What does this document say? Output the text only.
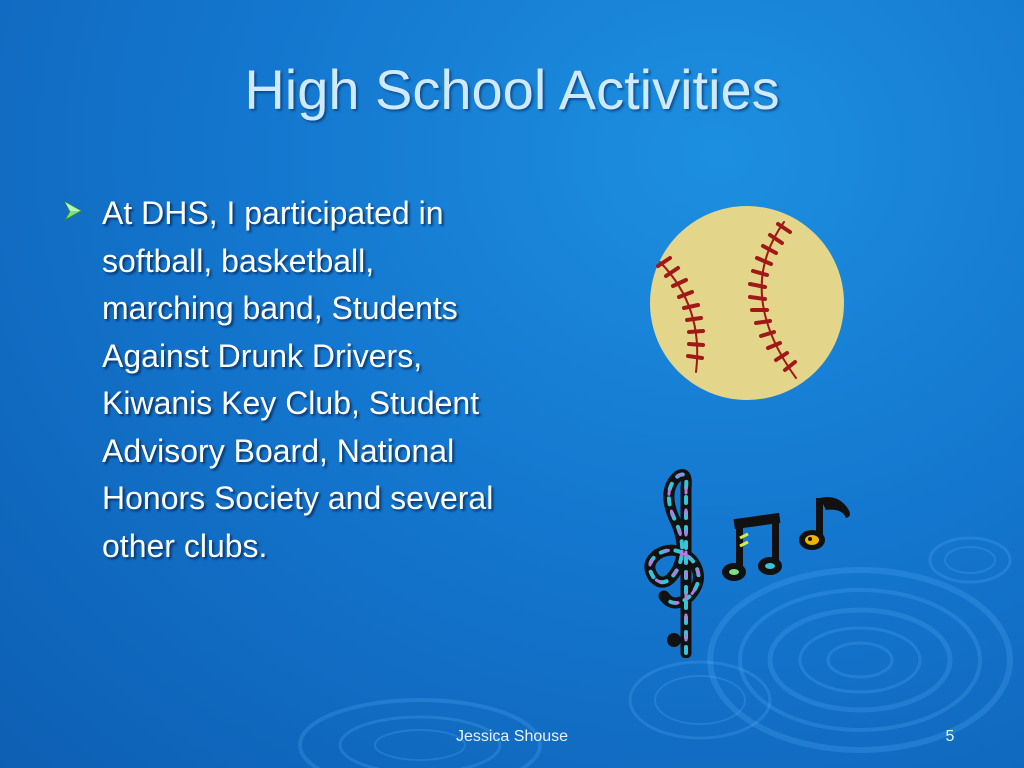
High School Activities
At DHS, I participated in softball, basketball, marching band, Students Against Drunk Drivers, Kiwanis Key Club, Student Advisory Board, National Honors Society and several other clubs.
Jessica Shouse	5
